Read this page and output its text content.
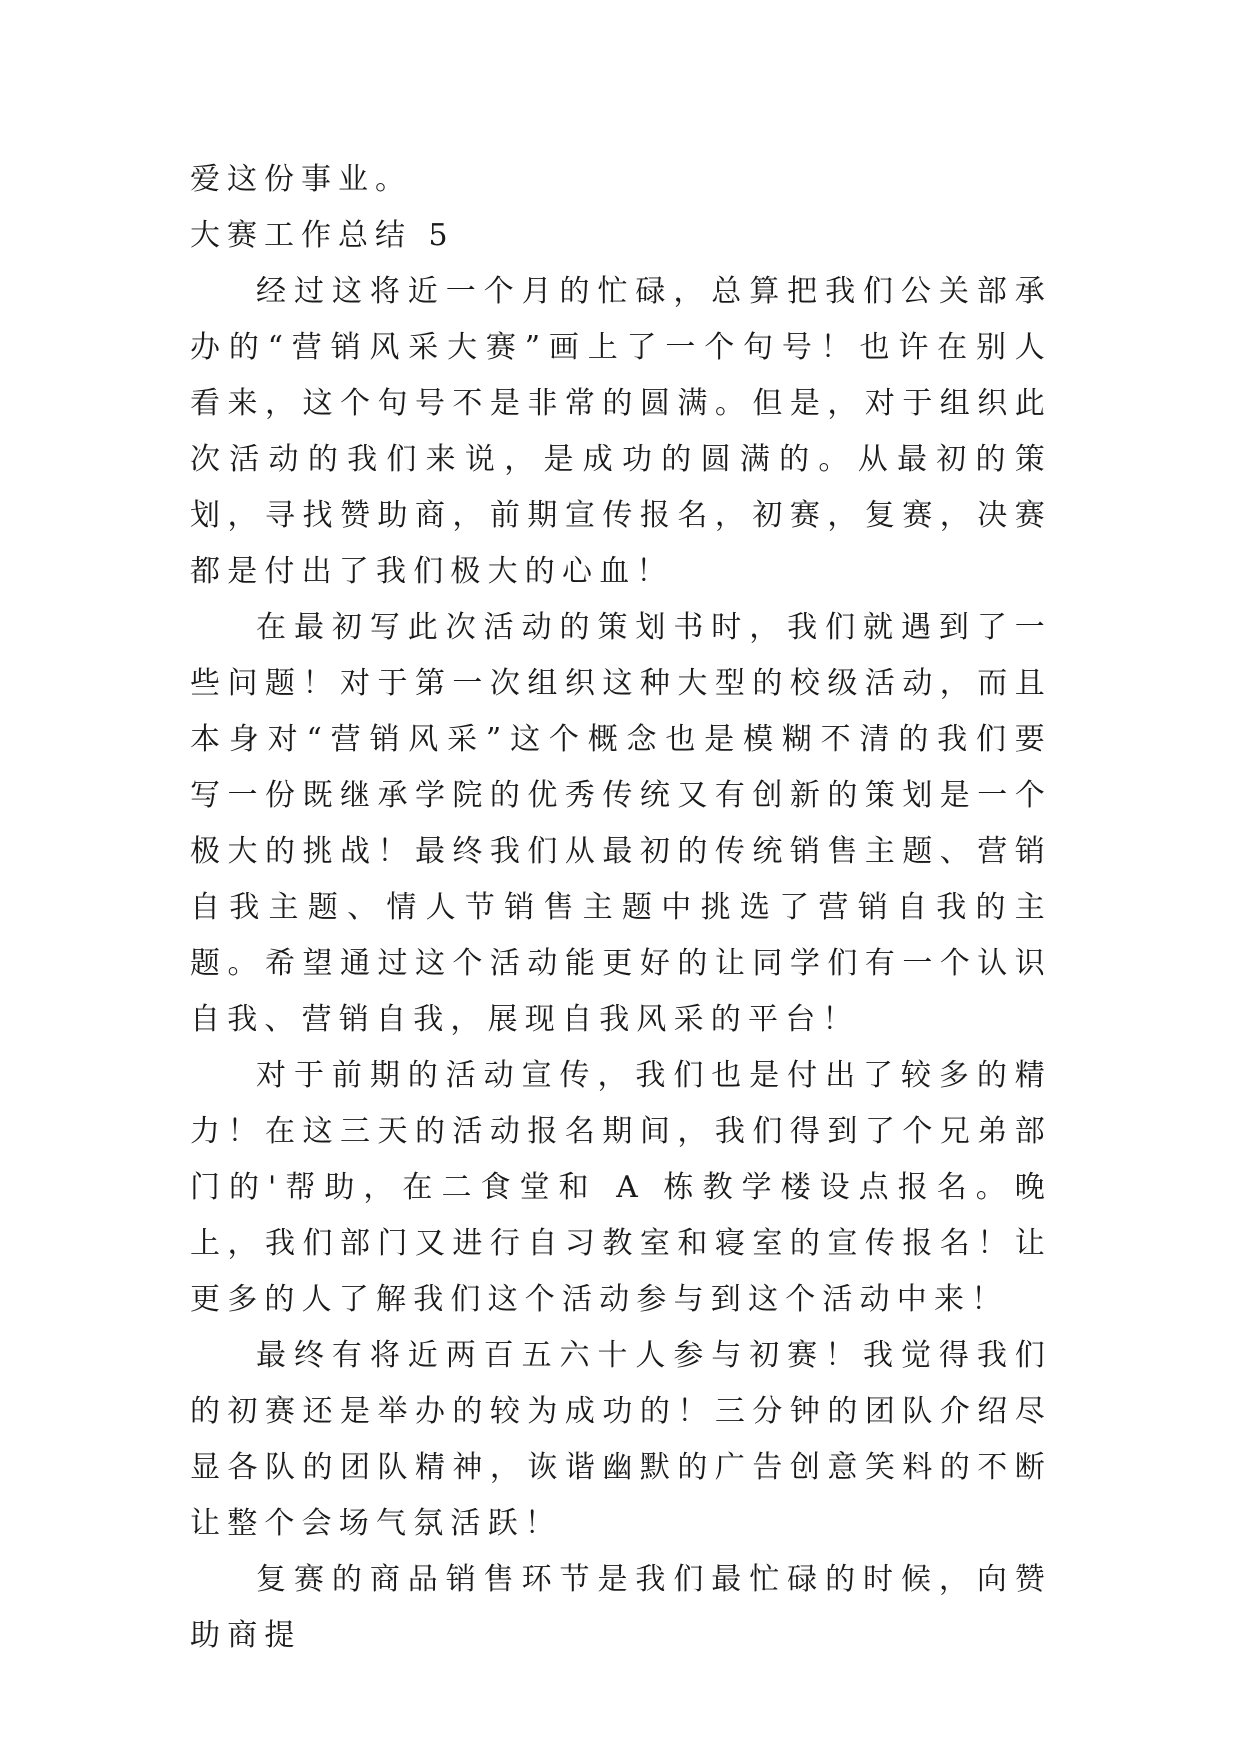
爱这份事业。

大赛工作总结 5

经过这将近一个月的忙碌，总算把我们公关部承办的“营销风采大赛”画上了一个句号！也许在别人看来，这个句号不是非常的圆满。但是，对于组织此次活动的我们来说，是成功的圆满的。从最初的策划，寻找赞助商，前期宣传报名，初赛，复赛，决赛都是付出了我们极大的心血！

在最初写此次活动的策划书时，我们就遇到了一些问题！对于第一次组织这种大型的校级活动，而且本身对“营销风采”这个概念也是模糊不清的我们要写一份既继承学院的优秀传统又有创新的策划是一个极大的挑战！最终我们从最初的传统销售主题、营销自我主题、情人节销售主题中挑选了营销自我的主题。希望通过这个活动能更好的让同学们有一个认识自我、营销自我，展现自我风采的平台！

对于前期的活动宣传，我们也是付出了较多的精力！在这三天的活动报名期间，我们得到了个兄弟部门的'帮助，在二食堂和 A 栋教学楼设点报名。晚上，我们部门又进行自习教室和寝室的宣传报名！让更多的人了解我们这个活动参与到这个活动中来！

最终有将近两百五六十人参与初赛！我觉得我们的初赛还是举办的较为成功的！三分钟的团队介绍尽显各队的团队精神，诙谐幽默的广告创意笑料的不断让整个会场气氛活跃！

复赛的商品销售环节是我们最忙碌的时候，向赞助商提
